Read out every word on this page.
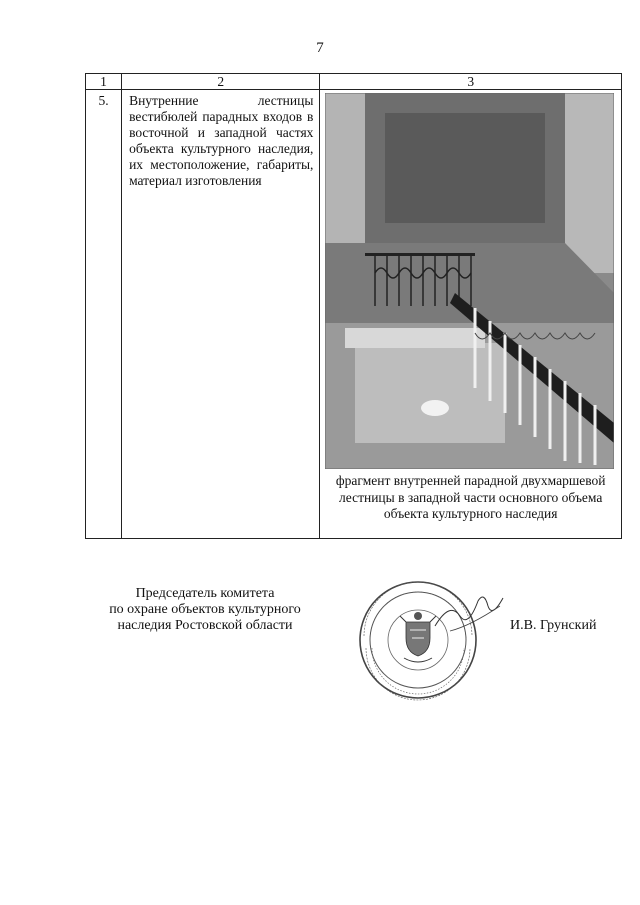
7
1	2	3
5.	Внутренние лестницы вестибюлей парадных входов в восточной и западной частях объекта культурного наследия, их местоположение, габариты, материал изготовления	фрагмент внутренней парадной двухмаршевой лестницы в западной части основного объема объекта культурного наследия
Председатель комитета
по охране объектов культурного
наследия Ростовской области	И.В. Грунский
